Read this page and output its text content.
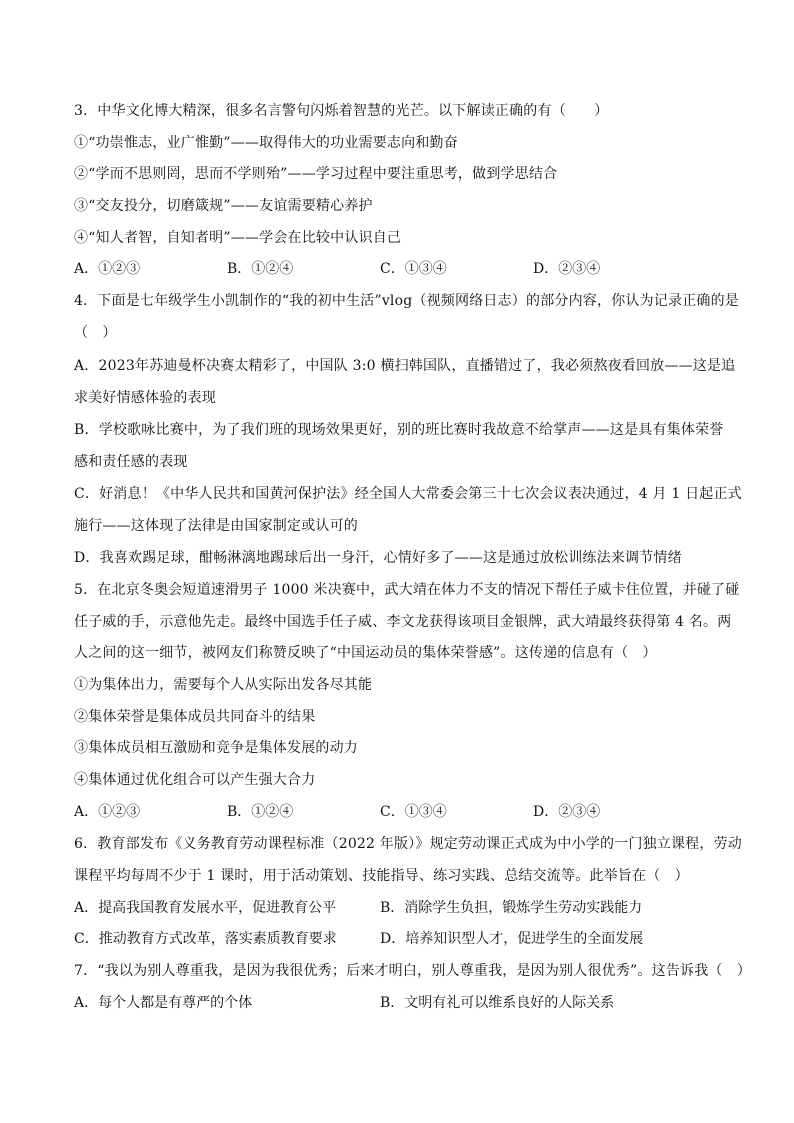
3．中华文化博大精深，很多名言警句闪烁着智慧的光芒。以下解读正确的有（　　）
①“功崇惟志，业广惟勤”——取得伟大的功业需要志向和勤奋
②“学而不思则罔，思而不学则殆”——学习过程中要注重思考，做到学思结合
③“交友投分，切磨箴规”——友谊需要精心养护
④“知人者智，自知者明”——学会在比较中认识自己
A．①②③	B．①②④	C．①③④	D．②③④
4．下面是七年级学生小凯制作的“我的初中生活”vlog（视频网络日志）的部分内容，你认为记录正确的是
（　）
A．2023年苏迪曼杯决赛太精彩了，中国队 3:0 横扫韩国队，直播错过了，我必须熬夜看回放——这是追
求美好情感体验的表现
B．学校歌咏比赛中，为了我们班的现场效果更好，别的班比赛时我故意不给掌声——这是具有集体荣誉
感和责任感的表现
C．好消息！《中华人民共和国黄河保护法》经全国人大常委会第三十七次会议表决通过，4 月 1 日起正式
施行——这体现了法律是由国家制定或认可的
D．我喜欢踢足球，酣畅淋漓地踢球后出一身汗，心情好多了——这是通过放松训练法来调节情绪
5．在北京冬奥会短道速滑男子 1000 米决赛中，武大靖在体力不支的情况下帮任子威卡住位置，并碰了碰
任子威的手，示意他先走。最终中国选手任子威、李文龙获得该项目金银牌，武大靖最终获得第 4 名。两
人之间的这一细节，被网友们称赞反映了“中国运动员的集体荣誉感”。这传递的信息有（　）
①为集体出力，需要每个人从实际出发各尽其能
②集体荣誉是集体成员共同奋斗的结果
③集体成员相互激励和竞争是集体发展的动力
④集体通过优化组合可以产生强大合力
A．①②③	B．①②④	C．①③④	D．②③④
6．教育部发布《义务教育劳动课程标准（2022 年版）》规定劳动课正式成为中小学的一门独立课程，劳动
课程平均每周不少于 1 课时，用于活动策划、技能指导、练习实践、总结交流等。此举旨在（　）
A．提高我国教育发展水平，促进教育公平	B．消除学生负担，锻炼学生劳动实践能力
C．推动教育方式改革，落实素质教育要求	D．培养知识型人才，促进学生的全面发展
7．“我以为别人尊重我，是因为我很优秀；后来才明白，别人尊重我，是因为别人很优秀”。这告诉我（　）
A．每个人都是有尊严的个体	B．文明有礼可以维系良好的人际关系
